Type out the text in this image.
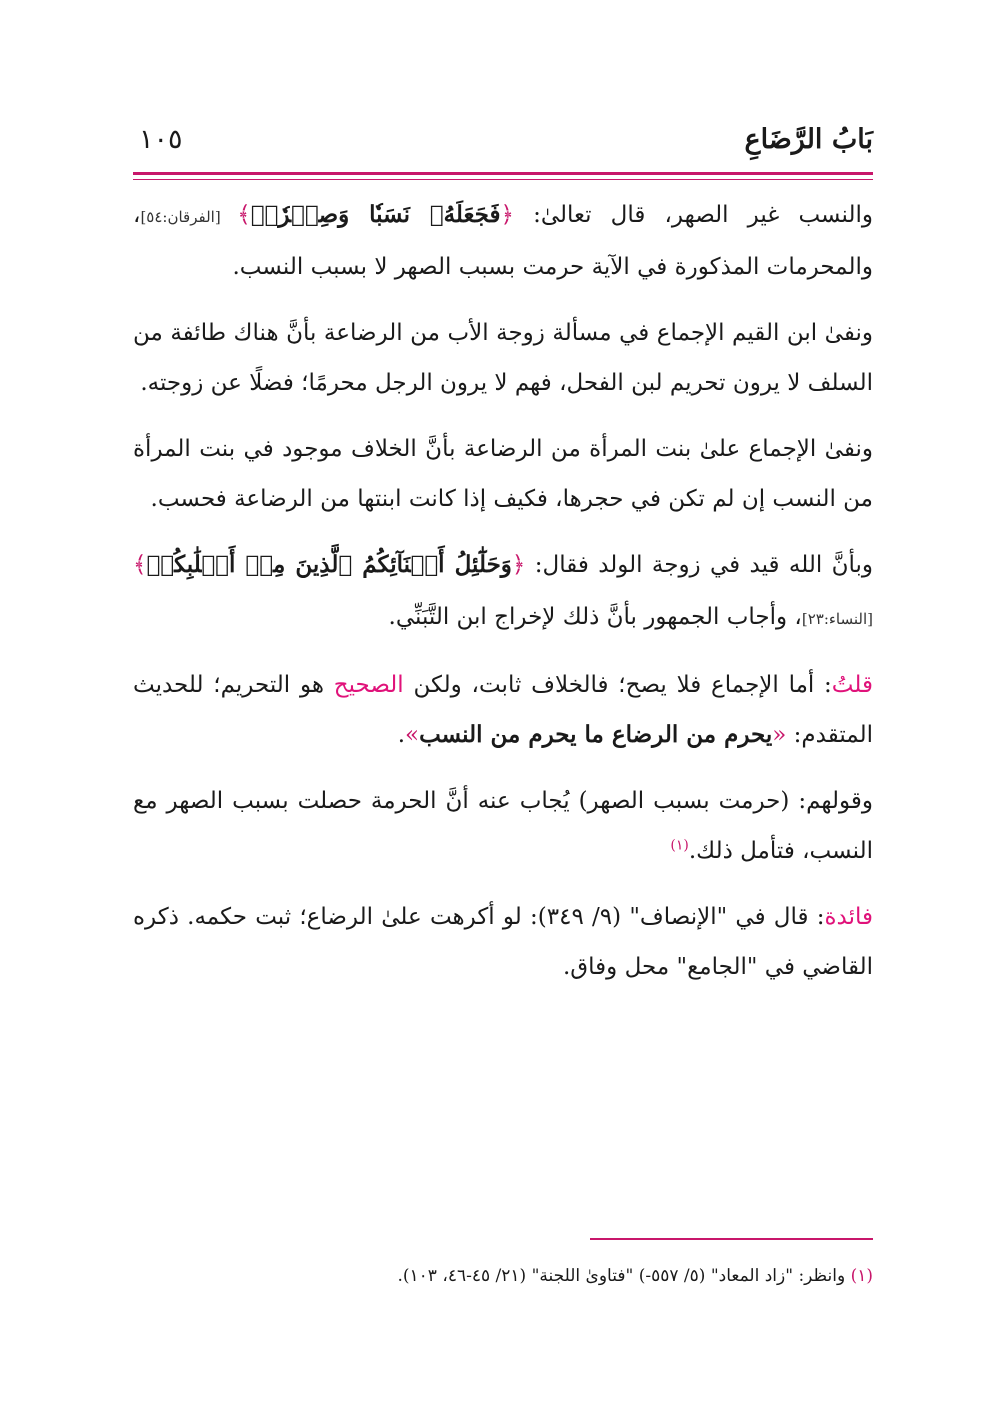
بَابُ الرَّضَاعِ
١٠٥

والنسب غير الصهر، قال تعالىٰ: ﴿فَجَعَلَهُۥ نَسَبٗا وَصِهۡرٗاۗ﴾ [الفرقان:٥٤]، والمحرمات المذكورة في الآية حرمت بسبب الصهر لا بسبب النسب.

ونفىٰ ابن القيم الإجماع في مسألة زوجة الأب من الرضاعة بأنَّ هناك طائفة من السلف لا يرون تحريم لبن الفحل، فهم لا يرون الرجل محرمًا؛ فضلًا عن زوجته.

ونفىٰ الإجماع علىٰ بنت المرأة من الرضاعة بأنَّ الخلاف موجود في بنت المرأة من النسب إن لم تكن في حجرها، فكيف إذا كانت ابنتها من الرضاعة فحسب.

وبأنَّ الله قيد في زوجة الولد فقال: ﴿وَحَلَٰٓئِلُ أَبۡنَآئِكُمُ ٱلَّذِينَ مِنۡ أَصۡلَٰبِكُمۡ﴾ [النساء:٢٣]، وأجاب الجمهور بأنَّ ذلك لإخراج ابن التَّبَنِّي.

قلتُ: أما الإجماع فلا يصح؛ فالخلاف ثابت، ولكن الصحيح هو التحريم؛ للحديث المتقدم: «يحرم من الرضاع ما يحرم من النسب».

وقولهم: (حرمت بسبب الصهر) يُجاب عنه أنَّ الحرمة حصلت بسبب الصهر مع النسب، فتأمل ذلك.$^{(١)}$

فائدة: قال في "الإنصاف" (٩/ ٣٤٩): لو أكرهت علىٰ الرضاع؛ ثبت حكمه. ذكره القاضي في "الجامع" محل وفاق.

(١) وانظر: "زاد المعاد" (٥/ ٥٥٧-) "فتاوىٰ اللجنة" (٢١/ ٤٥-٤٦، ١٠٣).
